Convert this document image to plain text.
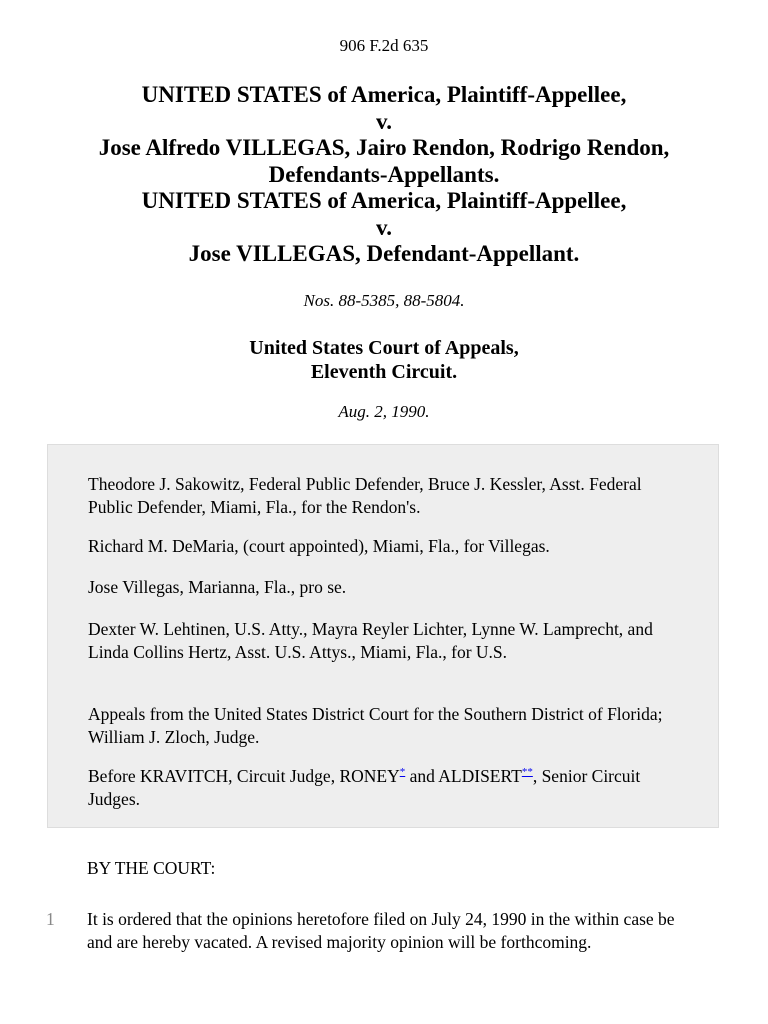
906 F.2d 635
UNITED STATES of America, Plaintiff-Appellee,
v.
Jose Alfredo VILLEGAS, Jairo Rendon, Rodrigo Rendon,
Defendants-Appellants.
UNITED STATES of America, Plaintiff-Appellee,
v.
Jose VILLEGAS, Defendant-Appellant.
Nos. 88-5385, 88-5804.
United States Court of Appeals,
Eleventh Circuit.
Aug. 2, 1990.

Theodore J. Sakowitz, Federal Public Defender, Bruce J. Kessler, Asst. Federal Public Defender, Miami, Fla., for the Rendon's.

Richard M. DeMaria, (court appointed), Miami, Fla., for Villegas.

Jose Villegas, Marianna, Fla., pro se.

Dexter W. Lehtinen, U.S. Atty., Mayra Reyler Lichter, Lynne W. Lamprecht, and Linda Collins Hertz, Asst. U.S. Attys., Miami, Fla., for U.S.

Appeals from the United States District Court for the Southern District of Florida; William J. Zloch, Judge.

Before KRAVITCH, Circuit Judge, RONEY* and ALDISERT**, Senior Circuit Judges.

BY THE COURT:
1 It is ordered that the opinions heretofore filed on July 24, 1990 in the within case be and are hereby vacated. A revised majority opinion will be forthcoming.
